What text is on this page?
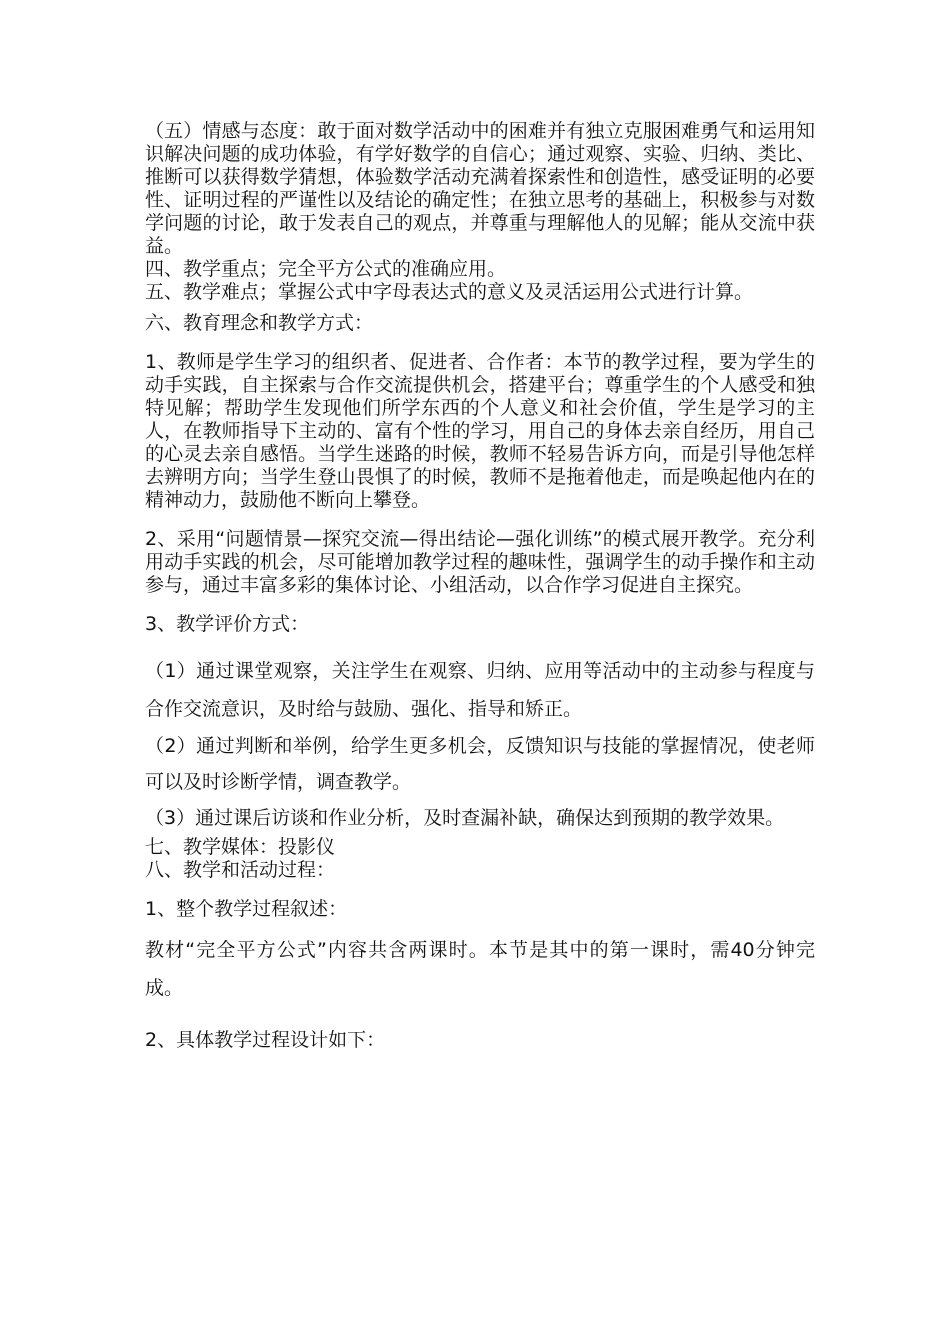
（五）情感与态度：敢于面对数学活动中的困难并有独立克服困难勇气和运用知识解决问题的成功体验，有学好数学的自信心；通过观察、实验、归纳、类比、推断可以获得数学猜想，体验数学活动充满着探索性和创造性，感受证明的必要性、证明过程的严谨性以及结论的确定性；在独立思考的基础上，积极参与对数学问题的讨论，敢于发表自己的观点，并尊重与理解他人的见解；能从交流中获益。

四、教学重点；完全平方公式的准确应用。

五、教学难点；掌握公式中字母表达式的意义及灵活运用公式进行计算。

六、教育理念和教学方式：

1、教师是学生学习的组织者、促进者、合作者：本节的教学过程，要为学生的动手实践，自主探索与合作交流提供机会，搭建平台；尊重学生的个人感受和独特见解；帮助学生发现他们所学东西的个人意义和社会价值，学生是学习的主人，在教师指导下主动的、富有个性的学习，用自己的身体去亲自经历，用自己的心灵去亲自感悟。当学生迷路的时候，教师不轻易告诉方向，而是引导他怎样去辨明方向；当学生登山畏惧了的时候，教师不是拖着他走，而是唤起他内在的精神动力，鼓励他不断向上攀登。

2、采用“问题情景—探究交流—得出结论—强化训练”的模式展开教学。充分利用动手实践的机会，尽可能增加教学过程的趣味性，强调学生的动手操作和主动参与，通过丰富多彩的集体讨论、小组活动，以合作学习促进自主探究。

3、教学评价方式：

（1）通过课堂观察，关注学生在观察、归纳、应用等活动中的主动参与程度与合作交流意识，及时给与鼓励、强化、指导和矫正。

（2）通过判断和举例，给学生更多机会，反馈知识与技能的掌握情况，使老师可以及时诊断学情，调查教学。

（3）通过课后访谈和作业分析，及时查漏补缺，确保达到预期的教学效果。

七、教学媒体：投影仪

八、教学和活动过程：

1、整个教学过程叙述：

教材“完全平方公式”内容共含两课时。本节是其中的第一课时，需40分钟完成。

2、具体教学过程设计如下：
